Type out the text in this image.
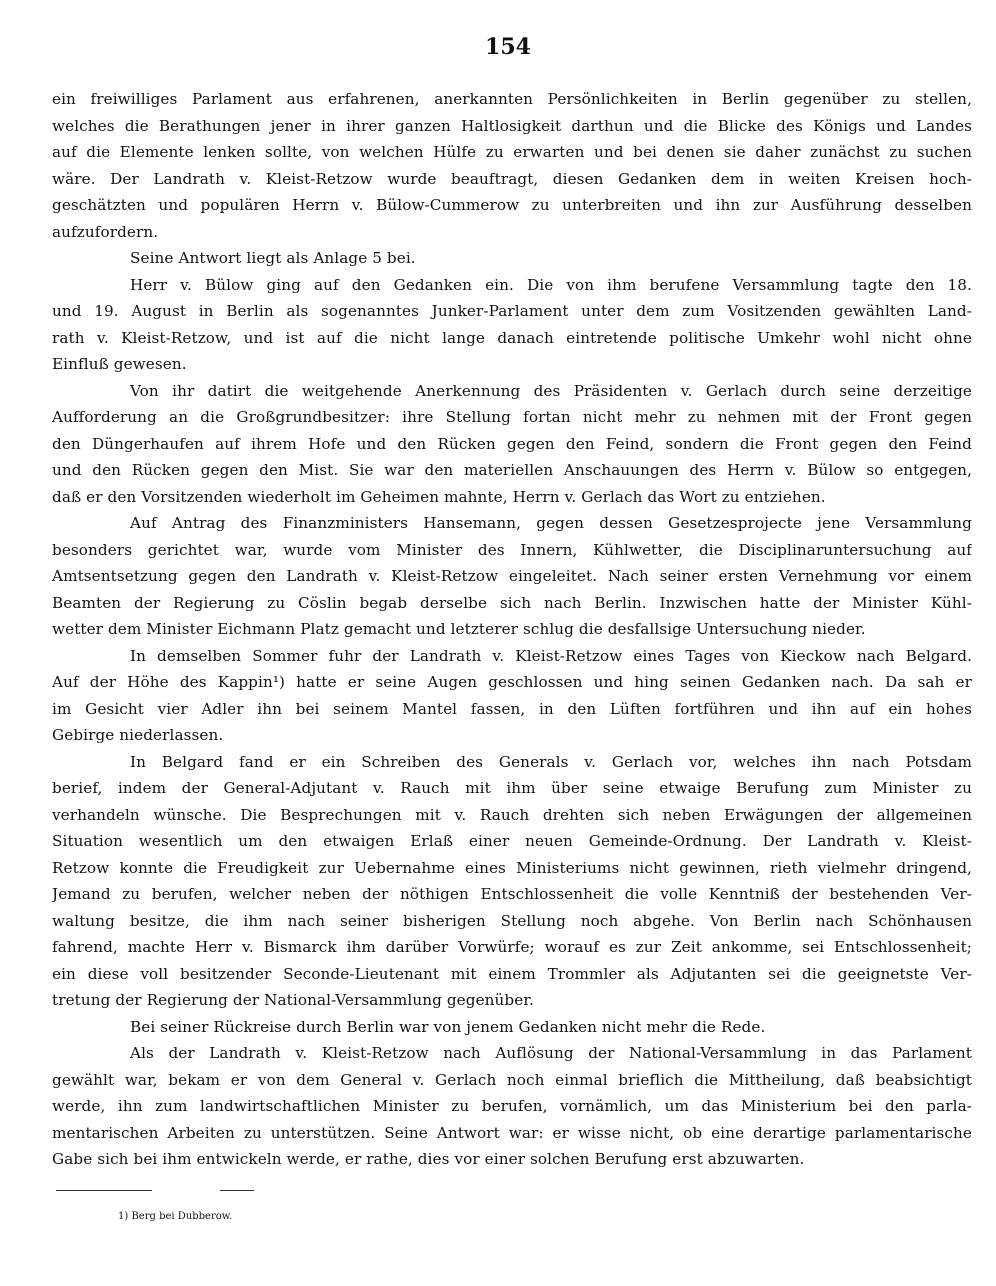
154
ein freiwilliges Parlament aus erfahrenen, anerkannten Persönlichkeiten in Berlin gegenüber zu stellen,
welches die Berathungen jener in ihrer ganzen Haltlosigkeit darthun und die Blicke des Königs und Landes
auf die Elemente lenken sollte, von welchen Hülfe zu erwarten und bei denen sie daher zunächst zu suchen
wäre. Der Landrath v. Kleist-Retzow wurde beauftragt, diesen Gedanken dem in weiten Kreisen hoch-
geschätzten und populären Herrn v. Bülow-Cummerow zu unterbreiten und ihn zur Ausführung desselben
aufzufordern.
Seine Antwort liegt als Anlage 5 bei.
Herr v. Bülow ging auf den Gedanken ein. Die von ihm berufene Versammlung tagte den 18.
und 19. August in Berlin als sogenanntes Junker-Parlament unter dem zum Vositzenden gewählten Land-
rath v. Kleist-Retzow, und ist auf die nicht lange danach eintretende politische Umkehr wohl nicht ohne
Einfluß gewesen.
Von ihr datirt die weitgehende Anerkennung des Präsidenten v. Gerlach durch seine derzeitige
Aufforderung an die Großgrundbesitzer: ihre Stellung fortan nicht mehr zu nehmen mit der Front gegen
den Düngerhaufen auf ihrem Hofe und den Rücken gegen den Feind, sondern die Front gegen den Feind
und den Rücken gegen den Mist. Sie war den materiellen Anschauungen des Herrn v. Bülow so entgegen,
daß er den Vorsitzenden wiederholt im Geheimen mahnte, Herrn v. Gerlach das Wort zu entziehen.
Auf Antrag des Finanzministers Hansemann, gegen dessen Gesetzesprojecte jene Versammlung
besonders gerichtet war, wurde vom Minister des Innern, Kühlwetter, die Disciplinaruntersuchung auf
Amtsentsetzung gegen den Landrath v. Kleist-Retzow eingeleitet. Nach seiner ersten Vernehmung vor einem
Beamten der Regierung zu Cöslin begab derselbe sich nach Berlin. Inzwischen hatte der Minister Kühl-
wetter dem Minister Eichmann Platz gemacht und letzterer schlug die desfallsige Untersuchung nieder.
In demselben Sommer fuhr der Landrath v. Kleist-Retzow eines Tages von Kieckow nach Belgard.
Auf der Höhe des Kappin¹) hatte er seine Augen geschlossen und hing seinen Gedanken nach. Da sah er
im Gesicht vier Adler ihn bei seinem Mantel fassen, in den Lüften fortführen und ihn auf ein hohes
Gebirge niederlassen.
In Belgard fand er ein Schreiben des Generals v. Gerlach vor, welches ihn nach Potsdam
berief, indem der General-Adjutant v. Rauch mit ihm über seine etwaige Berufung zum Minister zu
verhandeln wünsche. Die Besprechungen mit v. Rauch drehten sich neben Erwägungen der allgemeinen
Situation wesentlich um den etwaigen Erlaß einer neuen Gemeinde-Ordnung. Der Landrath v. Kleist-
Retzow konnte die Freudigkeit zur Uebernahme eines Ministeriums nicht gewinnen, rieth vielmehr dringend,
Jemand zu berufen, welcher neben der nöthigen Entschlossenheit die volle Kenntniß der bestehenden Ver-
waltung besitze, die ihm nach seiner bisherigen Stellung noch abgehe. Von Berlin nach Schönhausen
fahrend, machte Herr v. Bismarck ihm darüber Vorwürfe; worauf es zur Zeit ankomme, sei Entschlossenheit;
ein diese voll besitzender Seconde-Lieutenant mit einem Trommler als Adjutanten sei die geeignetste Ver-
tretung der Regierung der National-Versammlung gegenüber.
Bei seiner Rückreise durch Berlin war von jenem Gedanken nicht mehr die Rede.
Als der Landrath v. Kleist-Retzow nach Auflösung der National-Versammlung in das Parlament
gewählt war, bekam er von dem General v. Gerlach noch einmal brieflich die Mittheilung, daß beabsichtigt
werde, ihn zum landwirtschaftlichen Minister zu berufen, vornämlich, um das Ministerium bei den parla-
mentarischen Arbeiten zu unterstützen. Seine Antwort war: er wisse nicht, ob eine derartige parlamentarische
Gabe sich bei ihm entwickeln werde, er rathe, dies vor einer solchen Berufung erst abzuwarten.
1) Berg bei Dubberow.
